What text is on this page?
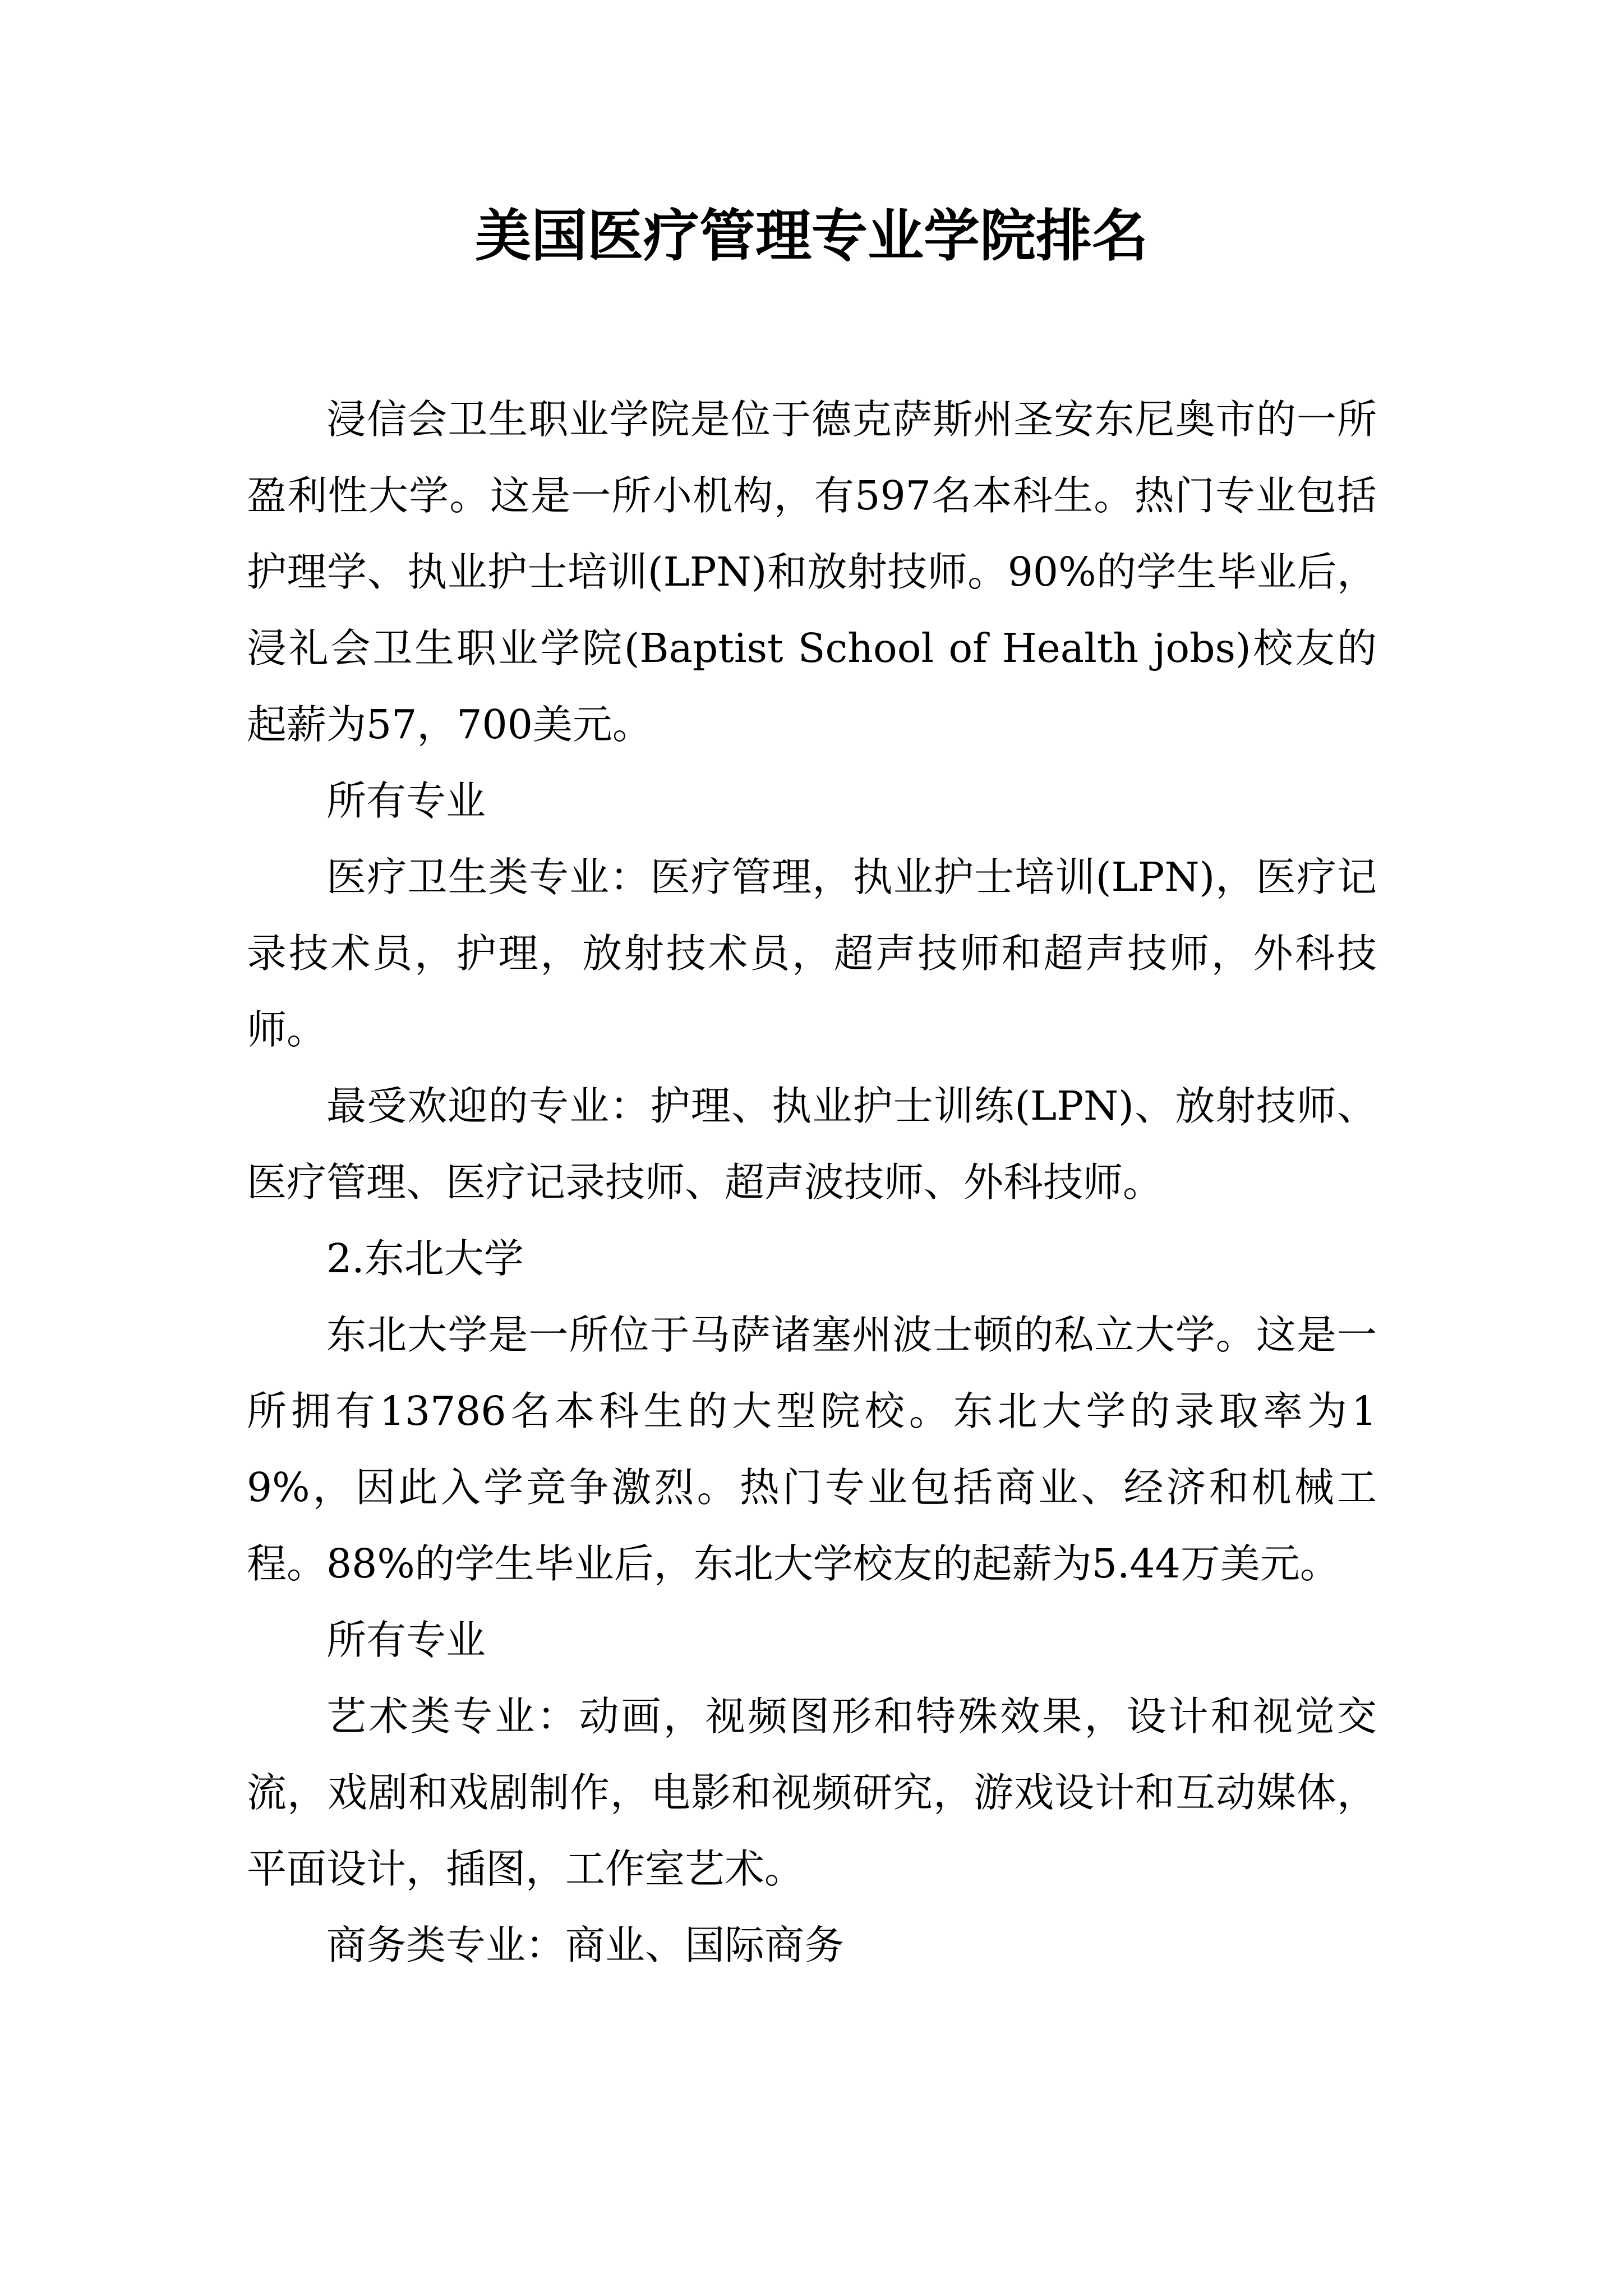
美国医疗管理专业学院排名

浸信会卫生职业学院是位于德克萨斯州圣安东尼奥市的一所盈利性大学。这是一所小机构，有597名本科生。热门专业包括护理学、执业护士培训(LPN)和放射技师。90%的学生毕业后，浸礼会卫生职业学院(Baptist School of Health jobs)校友的起薪为57，700美元。

所有专业

医疗卫生类专业：医疗管理，执业护士培训(LPN)，医疗记录技术员，护理，放射技术员，超声技师和超声技师，外科技师。

最受欢迎的专业：护理、执业护士训练(LPN)、放射技师、医疗管理、医疗记录技师、超声波技师、外科技师。

2.东北大学

东北大学是一所位于马萨诸塞州波士顿的私立大学。这是一所拥有13786名本科生的大型院校。东北大学的录取率为19%，因此入学竞争激烈。热门专业包括商业、经济和机械工程。88%的学生毕业后，东北大学校友的起薪为5.44万美元。

所有专业

艺术类专业：动画，视频图形和特殊效果，设计和视觉交流，戏剧和戏剧制作，电影和视频研究，游戏设计和互动媒体，平面设计，插图，工作室艺术。

商务类专业：商业、国际商务
